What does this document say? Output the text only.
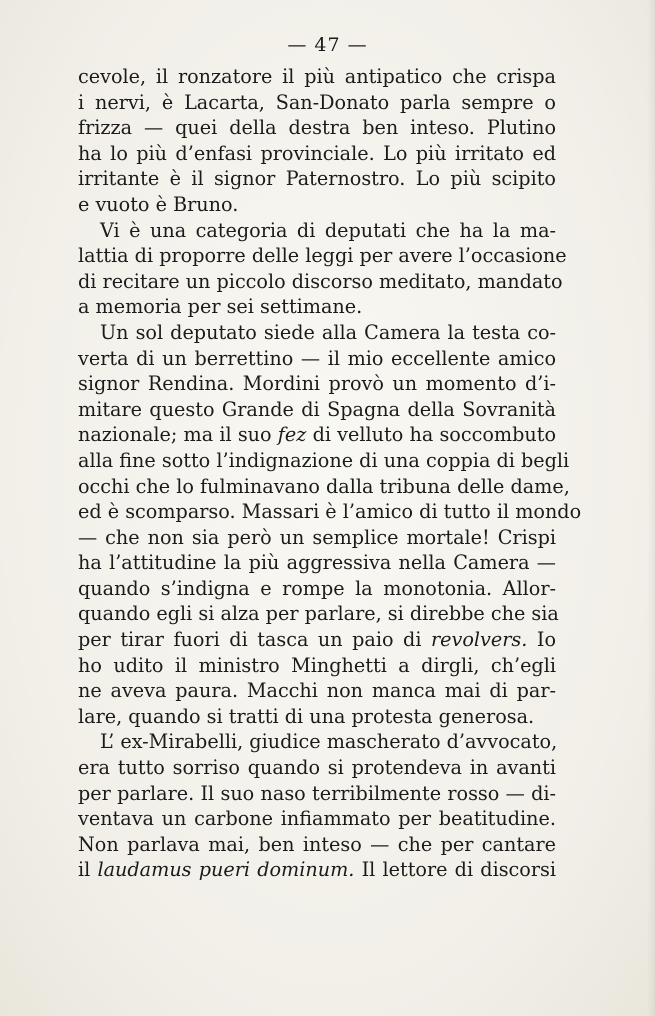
— 47 —
cevole, il ronzatore il più antipatico che crispa
i nervi, è Lacarta, San-Donato parla sempre o
frizza — quei della destra ben inteso. Plutino
ha lo più d’enfasi provinciale. Lo più irritato ed
irritante è il signor Paternostro. Lo più scipito
e vuoto è Bruno.
Vi è una categoria di deputati che ha la ma-
lattia di proporre delle leggi per avere l’occasione
di recitare un piccolo discorso meditato, mandato
a memoria per sei settimane.
Un sol deputato siede alla Camera la testa co-
verta di un berrettino — il mio eccellente amico
signor Rendina. Mordini provò un momento d’i-
mitare questo Grande di Spagna della Sovranità
nazionale; ma il suo fez di velluto ha soccombuto
alla fine sotto l’indignazione di una coppia di begli
occhi che lo fulminavano dalla tribuna delle dame,
ed è scomparso. Massari è l’amico di tutto il mondo
— che non sia però un semplice mortale! Crispi
ha l’attitudine la più aggressiva nella Camera —
quando s’indigna e rompe la monotonia. Allor-
quando egli si alza per parlare, si direbbe che sia
per tirar fuori di tasca un paio di revolvers. Io
ho udito il ministro Minghetti a dirgli, ch’egli
ne aveva paura. Macchi non manca mai di par-
lare, quando si tratti di una protesta generosa.
L’ ex-Mirabelli, giudice mascherato d’avvocato,
era tutto sorriso quando si protendeva in avanti
per parlare. Il suo naso terribilmente rosso — di-
ventava un carbone infiammato per beatitudine.
Non parlava mai, ben inteso — che per cantare
il laudamus pueri dominum. Il lettore di discorsi
